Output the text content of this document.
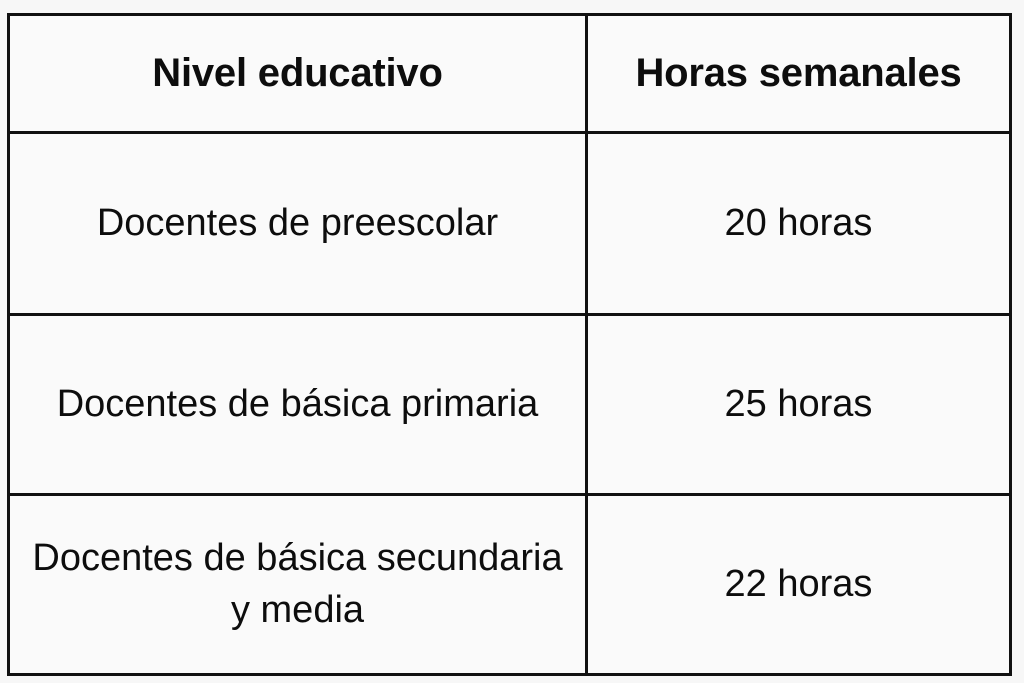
Nivel educativo	Horas semanales
Docentes de preescolar	20 horas
Docentes de básica primaria	25 horas
Docentes de básica secundaria y media	22 horas
